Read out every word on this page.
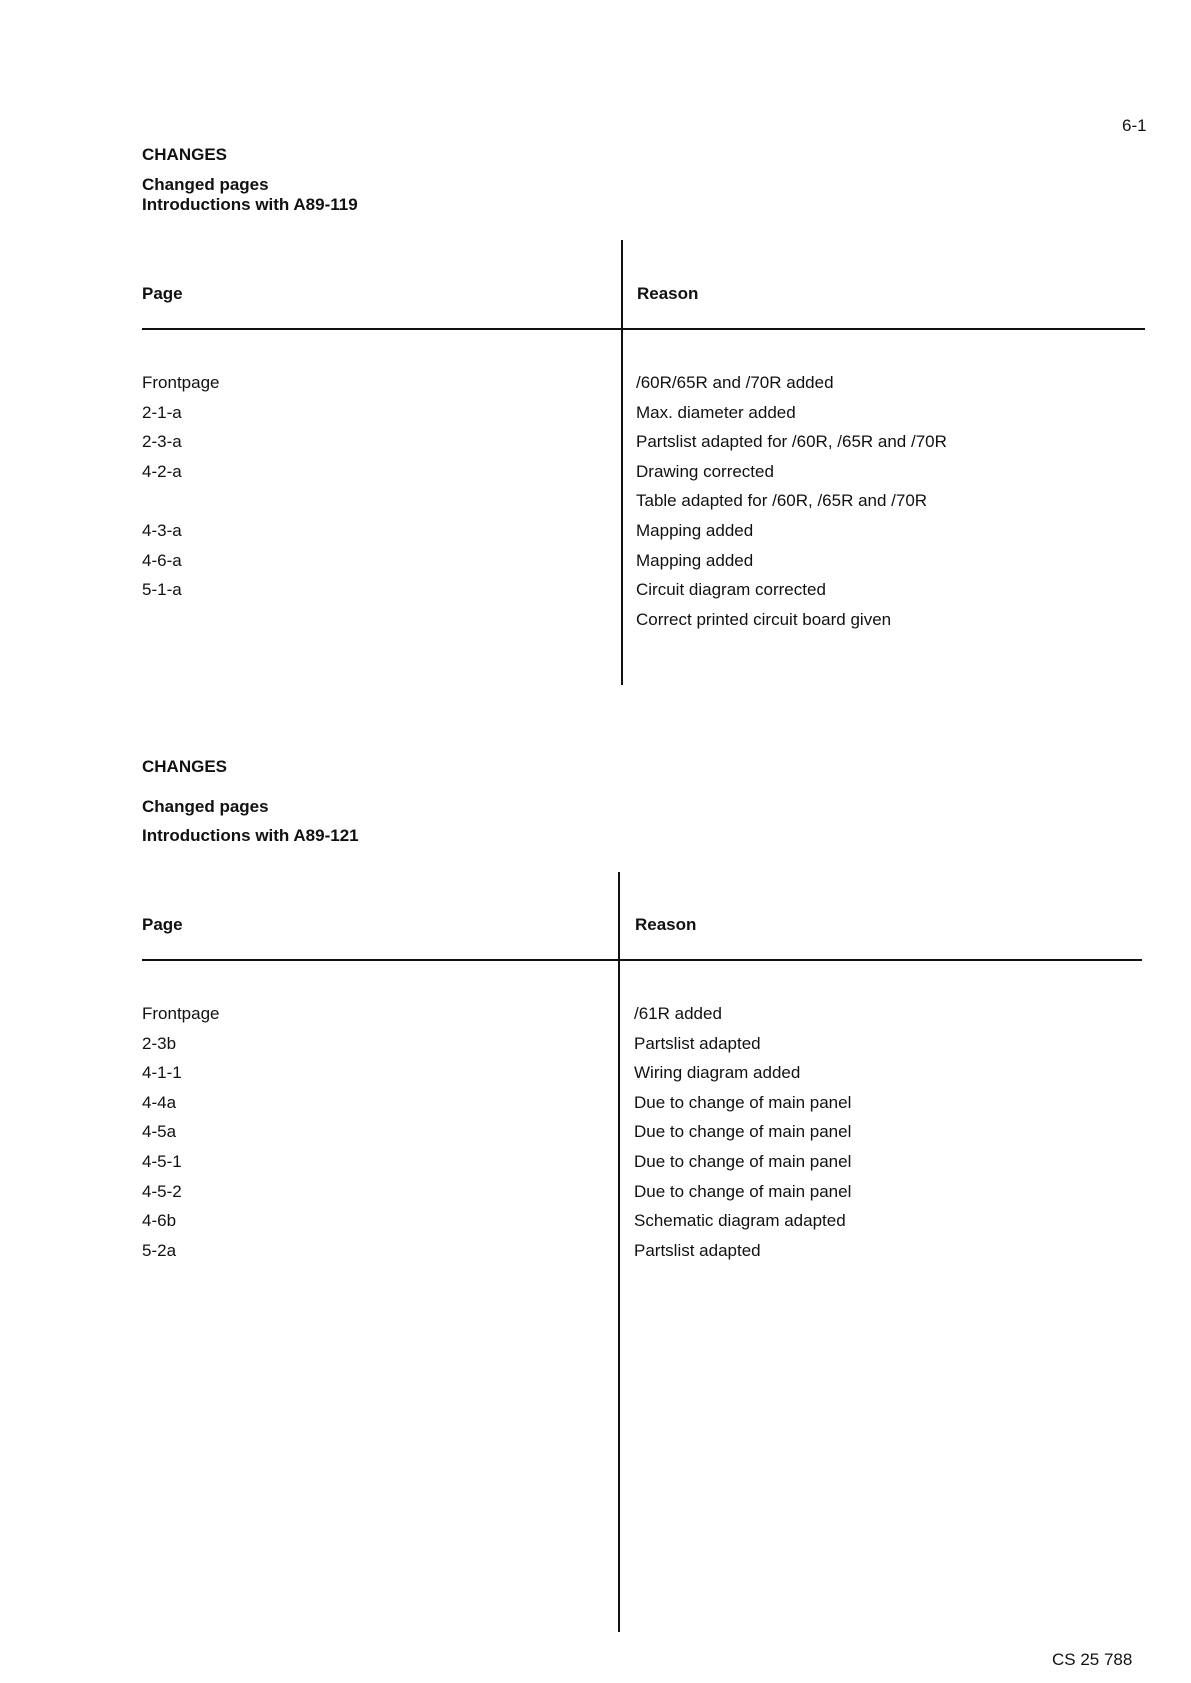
6-1
CHANGES
Changed pages
Introductions with A89-119
Page	Reason
Frontpage
2-1-a
2-3-a
4-2-a
4-3-a
4-6-a
5-1-a
/60R/65R and /70R added
Max. diameter added
Partslist adapted for /60R, /65R and /70R
Drawing corrected
Table adapted for /60R, /65R and /70R
Mapping added
Mapping added
Circuit diagram corrected
Correct printed circuit board given
CHANGES
Changed pages
Introductions with A89-121
Page	Reason
Frontpage
2-3b
4-1-1
4-4a
4-5a
4-5-1
4-5-2
4-6b
5-2a
/61R added
Partslist adapted
Wiring diagram added
Due to change of main panel
Due to change of main panel
Due to change of main panel
Due to change of main panel
Schematic diagram adapted
Partslist adapted
CS 25 788
